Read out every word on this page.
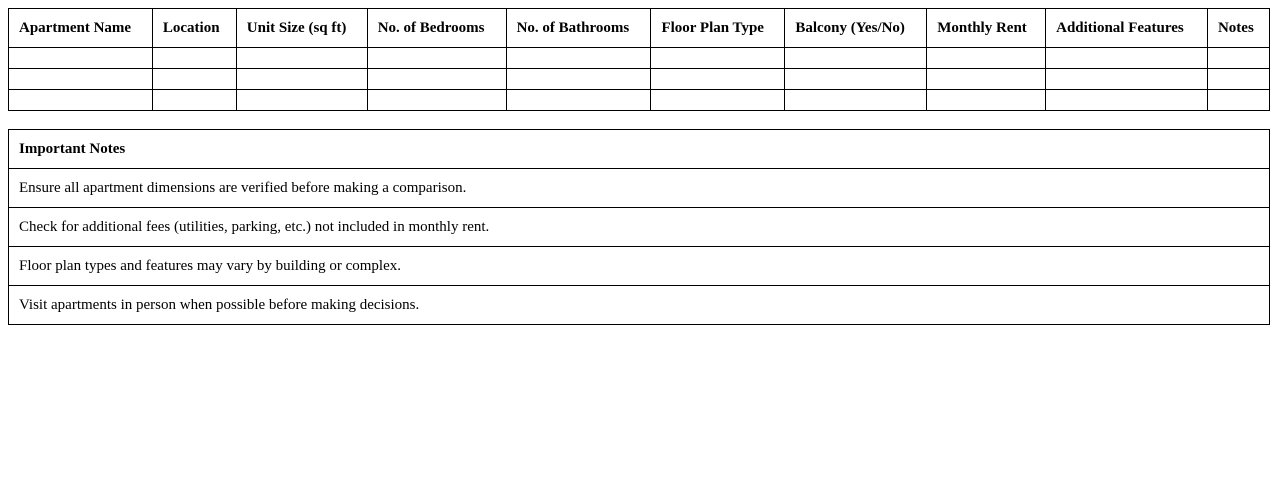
Apartment Name	Location	Unit Size (sq ft)	No. of Bedrooms	No. of Bathrooms	Floor Plan Type	Balcony (Yes/No)	Monthly Rent	Additional Features	Notes

Important Notes
Ensure all apartment dimensions are verified before making a comparison.
Check for additional fees (utilities, parking, etc.) not included in monthly rent.
Floor plan types and features may vary by building or complex.
Visit apartments in person when possible before making decisions.
